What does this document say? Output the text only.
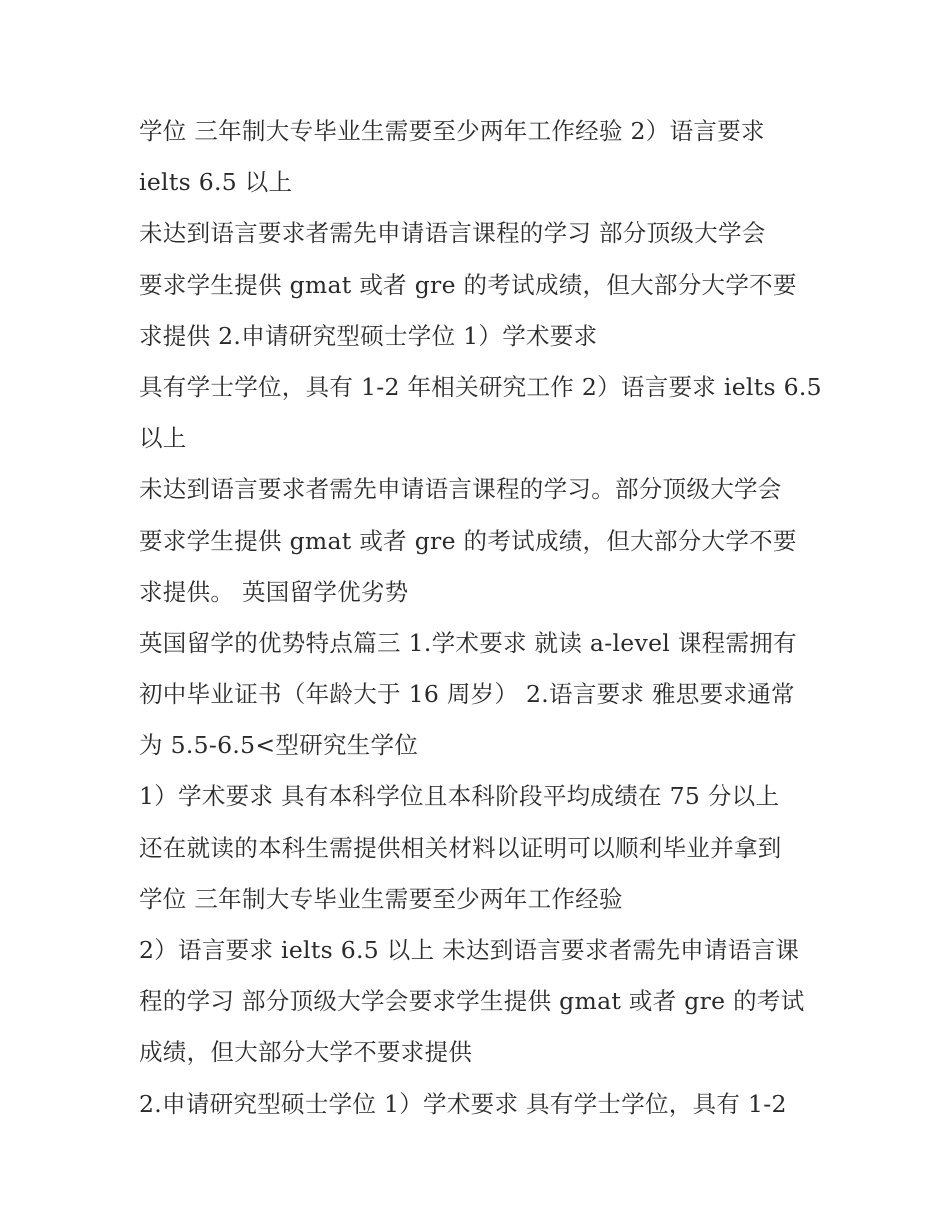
学位 三年制大专毕业生需要至少两年工作经验 2）语言要求
ielts 6.5 以上
未达到语言要求者需先申请语言课程的学习 部分顶级大学会
要求学生提供 gmat 或者 gre 的考试成绩，但大部分大学不要
求提供 2.申请研究型硕士学位 1）学术要求
具有学士学位，具有 1-2 年相关研究工作 2）语言要求 ielts 6.5
以上
未达到语言要求者需先申请语言课程的学习。部分顶级大学会
要求学生提供 gmat 或者 gre 的考试成绩，但大部分大学不要
求提供。 英国留学优劣势
英国留学的优势特点篇三 1.学术要求 就读 a-level 课程需拥有
初中毕业证书（年龄大于 16 周岁） 2.语言要求 雅思要求通常
为 5.5-6.5<型研究生学位
1）学术要求 具有本科学位且本科阶段平均成绩在 75 分以上
还在就读的本科生需提供相关材料以证明可以顺利毕业并拿到
学位 三年制大专毕业生需要至少两年工作经验
2）语言要求 ielts 6.5 以上 未达到语言要求者需先申请语言课
程的学习 部分顶级大学会要求学生提供 gmat 或者 gre 的考试
成绩，但大部分大学不要求提供
2.申请研究型硕士学位 1）学术要求 具有学士学位，具有 1-2
